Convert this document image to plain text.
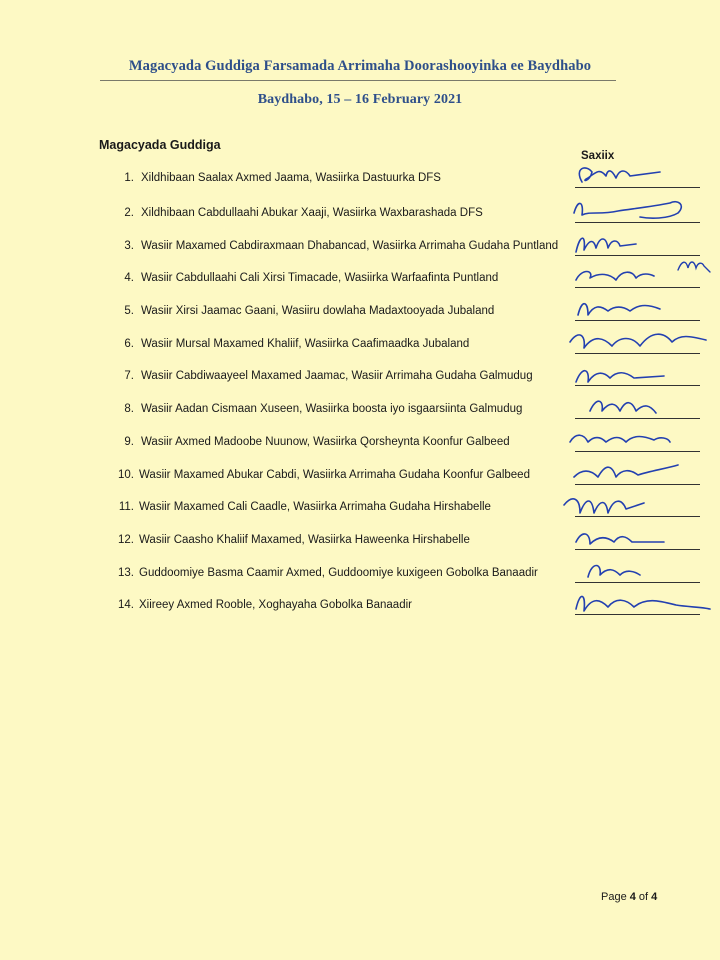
Magacyada Guddiga Farsamada Arrimaha Doorashooyinka ee Baydhabo
Baydhabo, 15 – 16 February 2021
Magacyada Guddiga
Saxiix
1. Xildhibaan Saalax Axmed Jaama, Wasiirka Dastuurka DFS
2. Xildhibaan Cabdullaahi Abukar Xaaji, Wasiirka Waxbarashada DFS
3. Wasiir Maxamed Cabdiraxmaan Dhabancad, Wasiirka Arrimaha Gudaha Puntland
4. Wasiir Cabdullaahi Cali Xirsi Timacade, Wasiirka Warfaafinta Puntland
5. Wasiir Xirsi Jaamac Gaani, Wasiiru dowlaha Madaxtooyada Jubaland
6. Wasiir Mursal Maxamed Khaliif, Wasiirka Caafimaadka Jubaland
7. Wasiir Cabdiwaayeel Maxamed Jaamac, Wasiir Arrimaha Gudaha Galmudug
8. Wasiir Aadan Cismaan Xuseen, Wasiirka boosta iyo isgaarsiinta Galmudug
9. Wasiir Axmed Madoobe Nuunow, Wasiirka Qorsheynta Koonfur Galbeed
10. Wasiir Maxamed Abukar Cabdi, Wasiirka Arrimaha Gudaha Koonfur Galbeed
11. Wasiir Maxamed Cali Caadle, Wasiirka Arrimaha Gudaha Hirshabelle
12. Wasiir Caasho Khaliif Maxamed, Wasiirka Haweenka Hirshabelle
13. Guddoomiye Basma Caamir Axmed, Guddoomiye kuxigeen Gobolka Banaadir
14. Xiireey Axmed Rooble, Xoghayaha Gobolka Banaadir
Page 4 of 4
